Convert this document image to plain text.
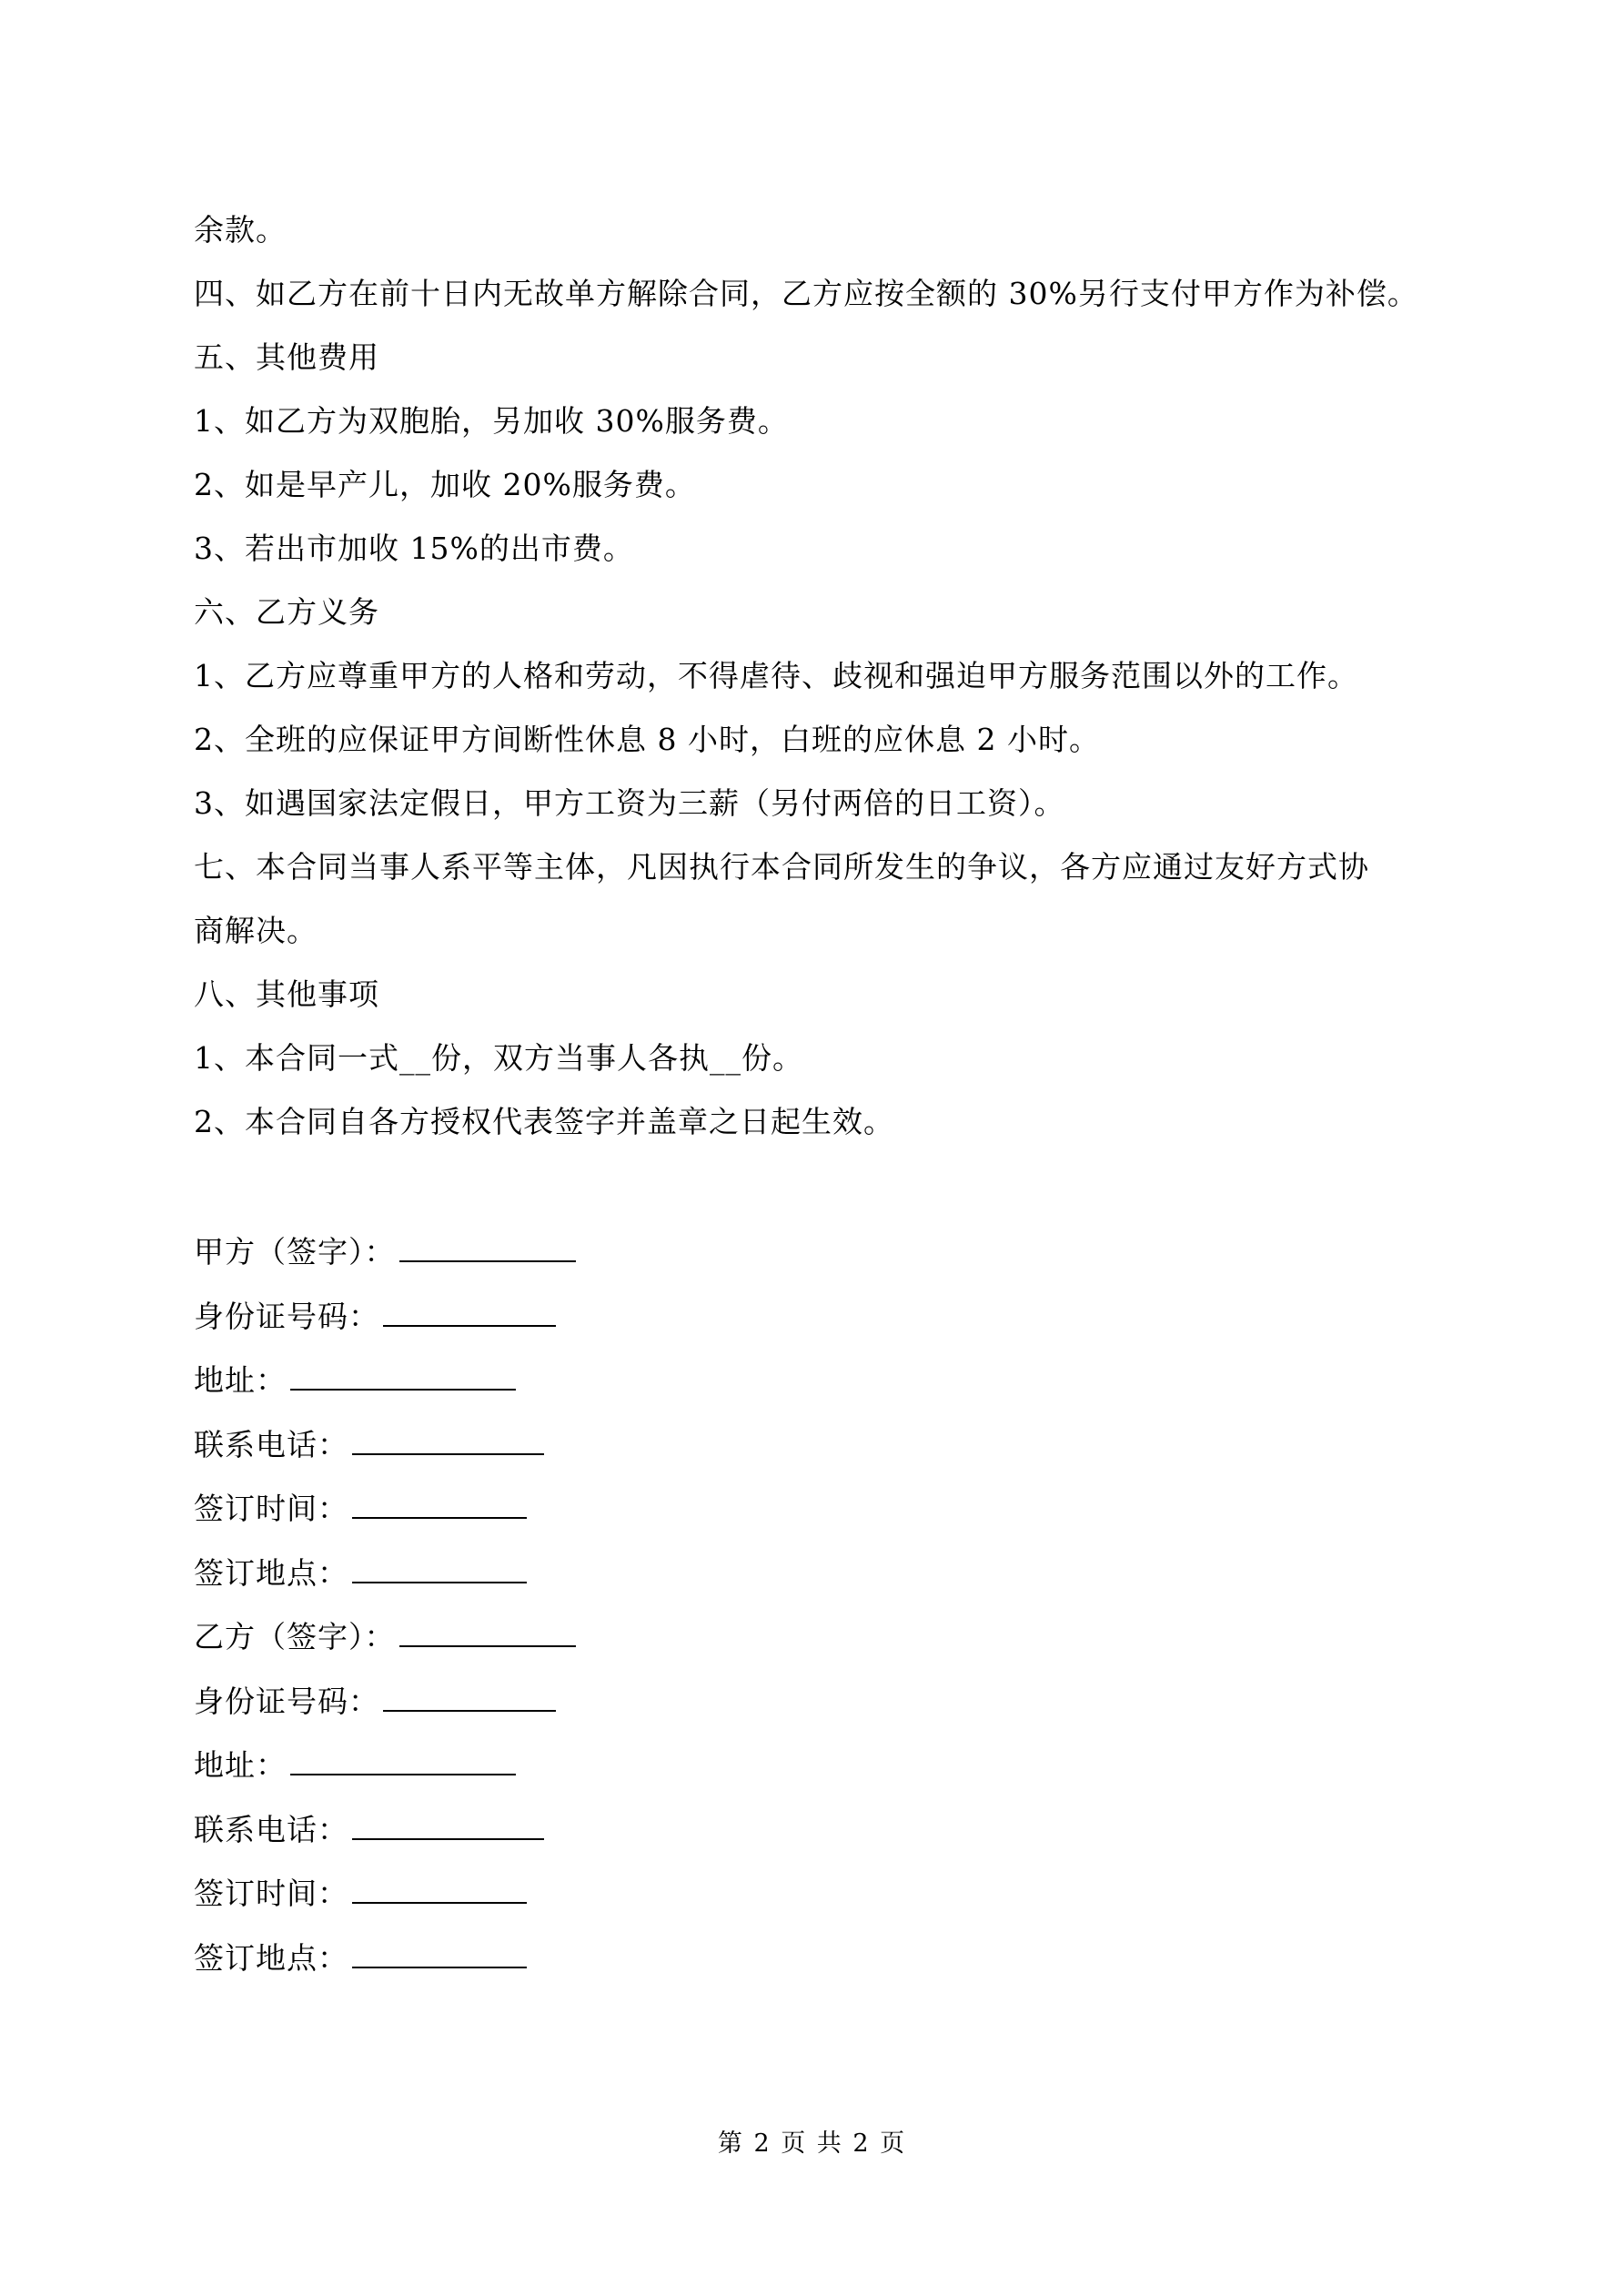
余款。
四、如乙方在前十日内无故单方解除合同，乙方应按全额的 30%另行支付甲方作为补偿。
五、其他费用
1、如乙方为双胞胎，另加收 30%服务费。
2、如是早产儿，加收 20%服务费。
3、若出市加收 15%的出市费。
六、乙方义务
1、乙方应尊重甲方的人格和劳动，不得虐待、歧视和强迫甲方服务范围以外的工作。
2、全班的应保证甲方间断性休息 8 小时，白班的应休息 2 小时。
3、如遇国家法定假日，甲方工资为三薪（另付两倍的日工资）。
七、本合同当事人系平等主体，凡因执行本合同所发生的争议，各方应通过友好方式协
商解决。
八、其他事项
1、本合同一式__份，双方当事人各执__份。
2、本合同自各方授权代表签字并盖章之日起生效。
甲方（签字）：
身份证号码：
地址：
联系电话：
签订时间：
签订地点：
乙方（签字）：
身份证号码：
地址：
联系电话：
签订时间：
签订地点：
第 2 页 共 2 页
